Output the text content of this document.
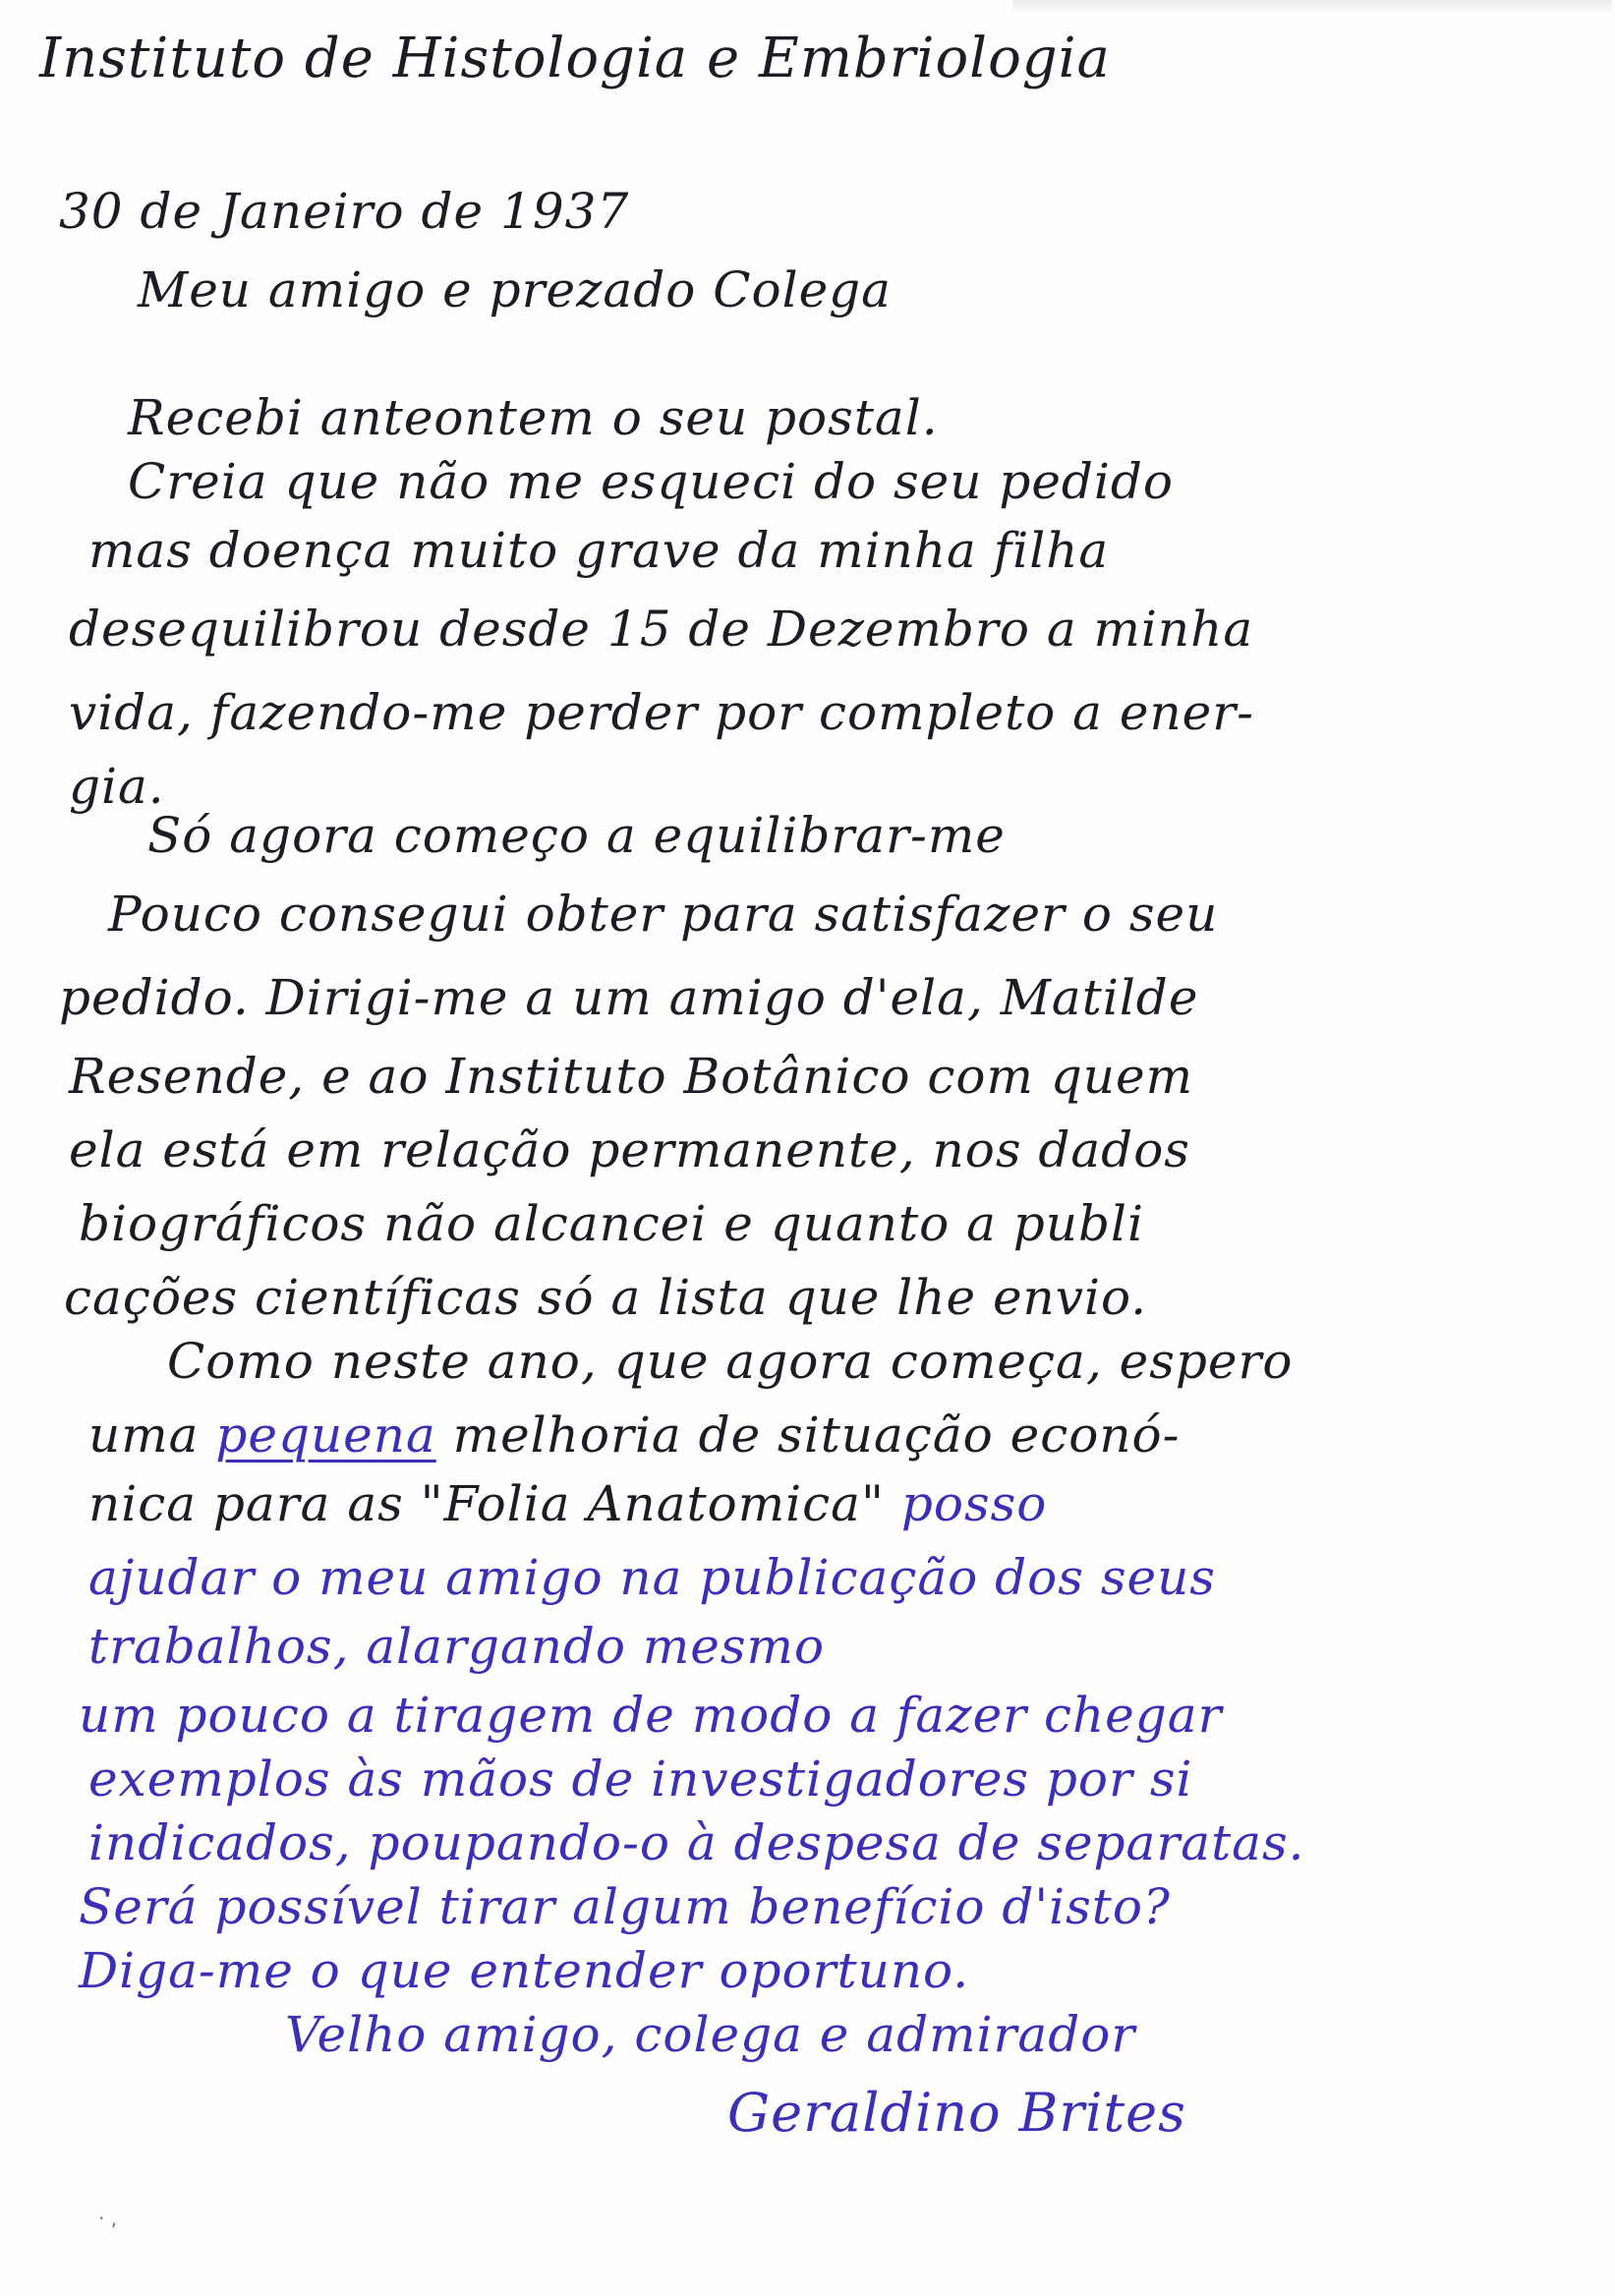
Instituto de Histologia e Embriologia
30 de Janeiro de 1937
Meu amigo e prezado Colega
Recebi anteontem o seu postal.
Creia que não me esqueci do seu pedido
mas doença muito grave da minha filha
desequilibrou desde 15 de Dezembro a minha
vida, fazendo-me perder por completo a ener-
gia.
Só agora começo a equilibrar-me
Pouco consegui obter para satisfazer o seu
pedido. Dirigi-me a um amigo d'ela, Matilde
Resende, e ao Instituto Botânico com quem
ela está em relação permanente, nos dados
biográficos não alcancei e quanto a publi
cações científicas só a lista que lhe envio.
Como neste ano, que agora começa, espero
uma pequena melhoria de situação econó-
nica para as "Folia Anatomica" posso
ajudar o meu amigo na publicação dos seus
trabalhos, alargando mesmo
um pouco a tiragem de modo a fazer chegar
exemplos às mãos de investigadores por si
indicados, poupando-o à despesa de separatas.
Será possível tirar algum benefício d'isto?
Diga-me o que entender oportuno.
Velho amigo, colega e admirador
Geraldino Brites
· ,
